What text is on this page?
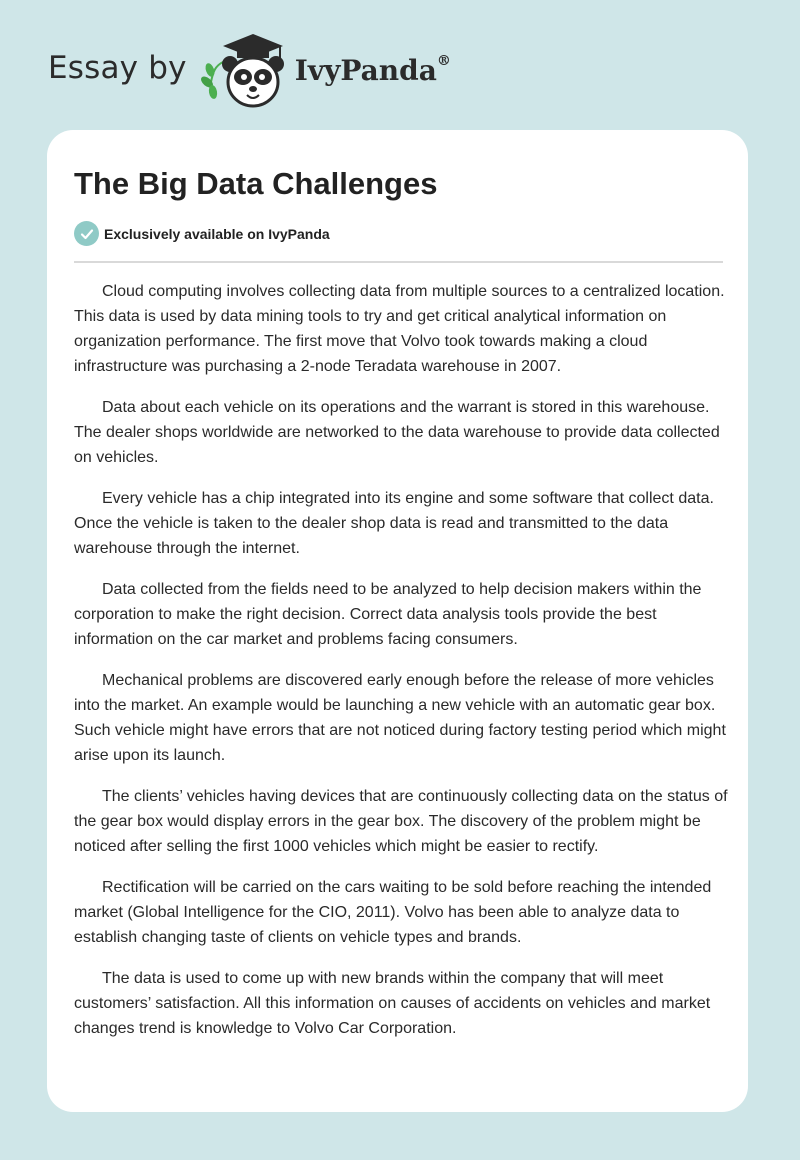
Essay by	IvyPanda®
The Big Data Challenges
Exclusively available on IvyPanda

Cloud computing involves collecting data from multiple sources to a centralized location. This data is used by data mining tools to try and get critical analytical information on organization performance. The first move that Volvo took towards making a cloud infrastructure was purchasing a 2-node Teradata warehouse in 2007.

Data about each vehicle on its operations and the warrant is stored in this warehouse. The dealer shops worldwide are networked to the data warehouse to provide data collected on vehicles.

Every vehicle has a chip integrated into its engine and some software that collect data. Once the vehicle is taken to the dealer shop data is read and transmitted to the data warehouse through the internet.

Data collected from the fields need to be analyzed to help decision makers within the corporation to make the right decision. Correct data analysis tools provide the best information on the car market and problems facing consumers.

Mechanical problems are discovered early enough before the release of more vehicles into the market. An example would be launching a new vehicle with an automatic gear box. Such vehicle might have errors that are not noticed during factory testing period which might arise upon its launch.

The clients’ vehicles having devices that are continuously collecting data on the status of the gear box would display errors in the gear box. The discovery of the problem might be noticed after selling the first 1000 vehicles which might be easier to rectify.

Rectification will be carried on the cars waiting to be sold before reaching the intended market (Global Intelligence for the CIO, 2011). Volvo has been able to analyze data to establish changing taste of clients on vehicle types and brands.

The data is used to come up with new brands within the company that will meet customers’ satisfaction. All this information on causes of accidents on vehicles and market changes trend is knowledge to Volvo Car Corporation.
